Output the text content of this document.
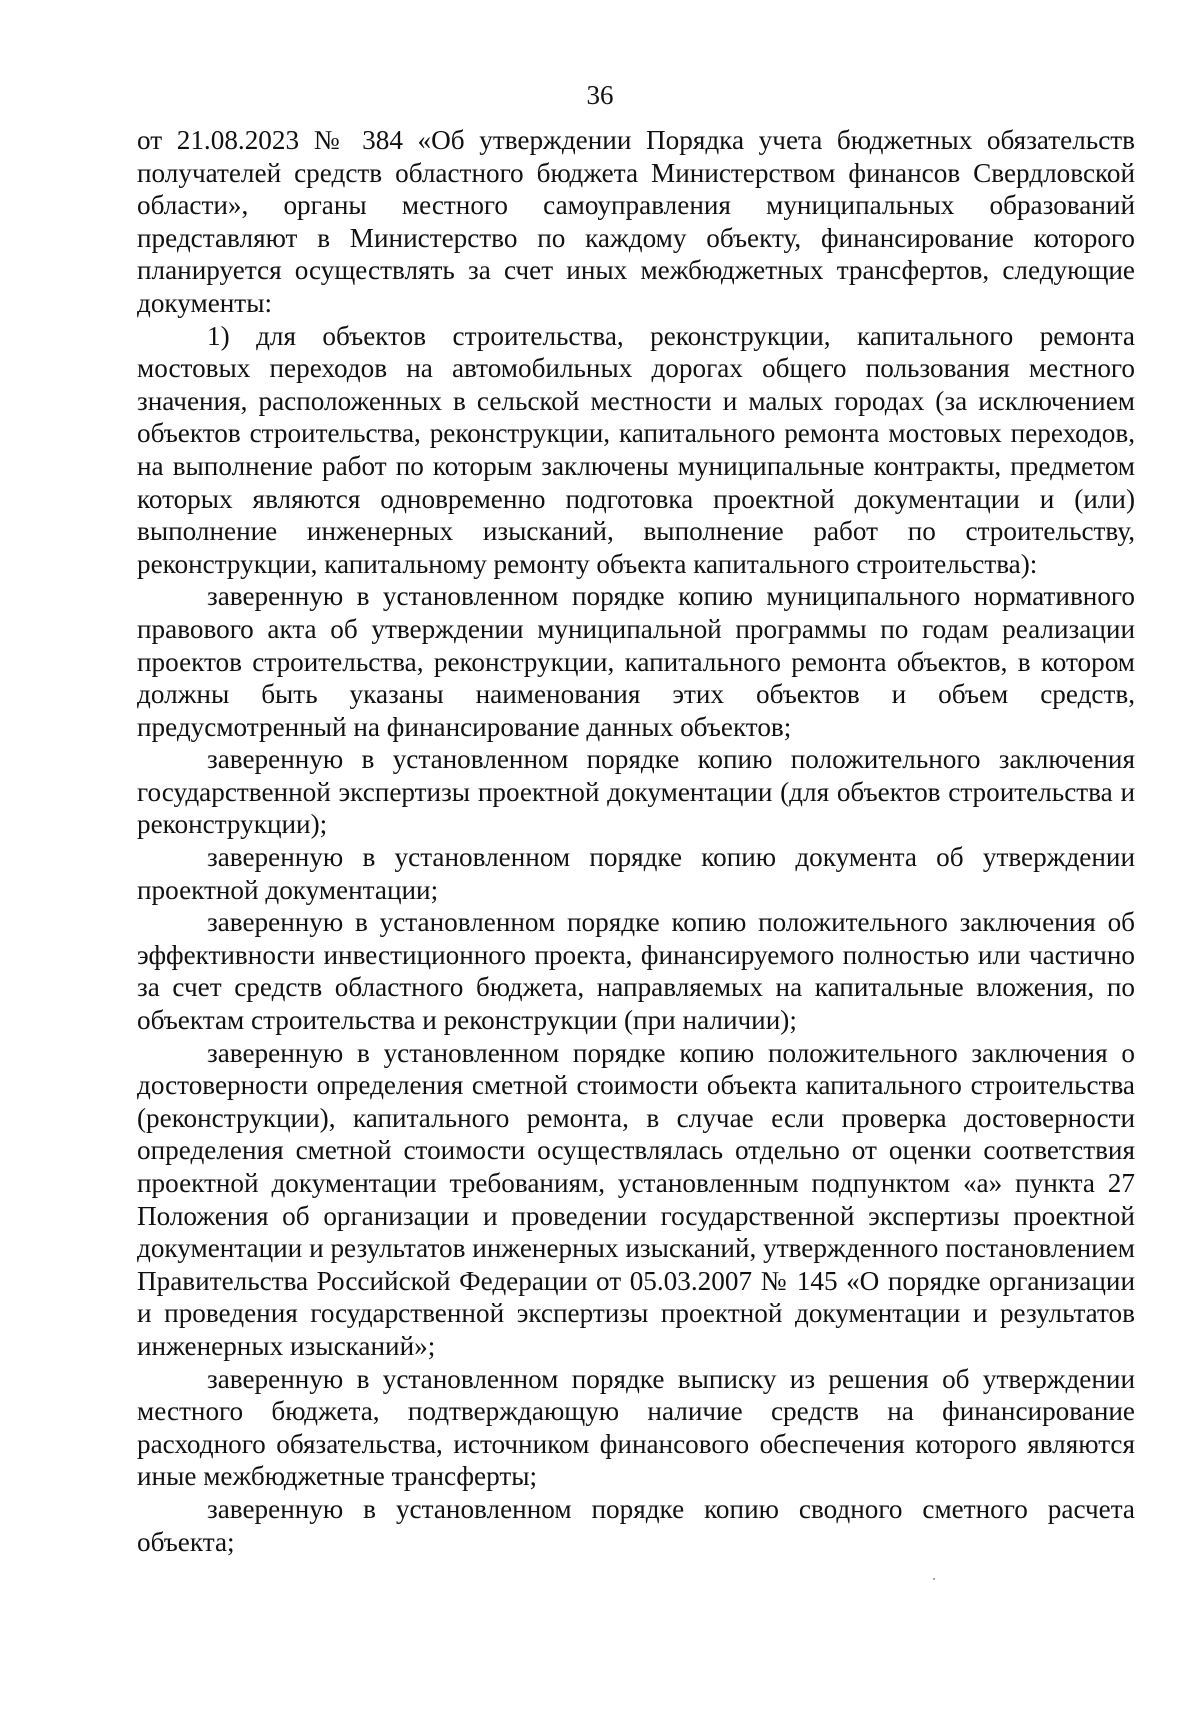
36

от 21.08.2023 № 384 «Об утверждении Порядка учета бюджетных обязательств получателей средств областного бюджета Министерством финансов Свердловской области», органы местного самоуправления муниципальных образований представляют в Министерство по каждому объекту, финансирование которого планируется осуществлять за счет иных межбюджетных трансфертов, следующие документы:

1) для объектов строительства, реконструкции, капитального ремонта мостовых переходов на автомобильных дорогах общего пользования местного значения, расположенных в сельской местности и малых городах (за исключением объектов строительства, реконструкции, капитального ремонта мостовых переходов, на выполнение работ по которым заключены муниципальные контракты, предметом которых являются одновременно подготовка проектной документации и (или) выполнение инженерных изысканий, выполнение работ по строительству, реконструкции, капитальному ремонту объекта капитального строительства):

заверенную в установленном порядке копию муниципального нормативного правового акта об утверждении муниципальной программы по годам реализации проектов строительства, реконструкции, капитального ремонта объектов, в котором должны быть указаны наименования этих объектов и объем средств, предусмотренный на финансирование данных объектов;

заверенную в установленном порядке копию положительного заключения государственной экспертизы проектной документации (для объектов строительства и реконструкции);

заверенную в установленном порядке копию документа об утверждении проектной документации;

заверенную в установленном порядке копию положительного заключения об эффективности инвестиционного проекта, финансируемого полностью или частично за счет средств областного бюджета, направляемых на капитальные вложения, по объектам строительства и реконструкции (при наличии);

заверенную в установленном порядке копию положительного заключения о достоверности определения сметной стоимости объекта капитального строительства (реконструкции), капитального ремонта, в случае если проверка достоверности определения сметной стоимости осуществлялась отдельно от оценки соответствия проектной документации требованиям, установленным подпунктом «а» пункта 27 Положения об организации и проведении государственной экспертизы проектной документации и результатов инженерных изысканий, утвержденного постановлением Правительства Российской Федерации от 05.03.2007 № 145 «О порядке организации и проведения государственной экспертизы проектной документации и результатов инженерных изысканий»;

заверенную в установленном порядке выписку из решения об утверждении местного бюджета, подтверждающую наличие средств на финансирование расходного обязательства, источником финансового обеспечения которого являются иные межбюджетные трансферты;

заверенную в установленном порядке копию сводного сметного расчета объекта;
